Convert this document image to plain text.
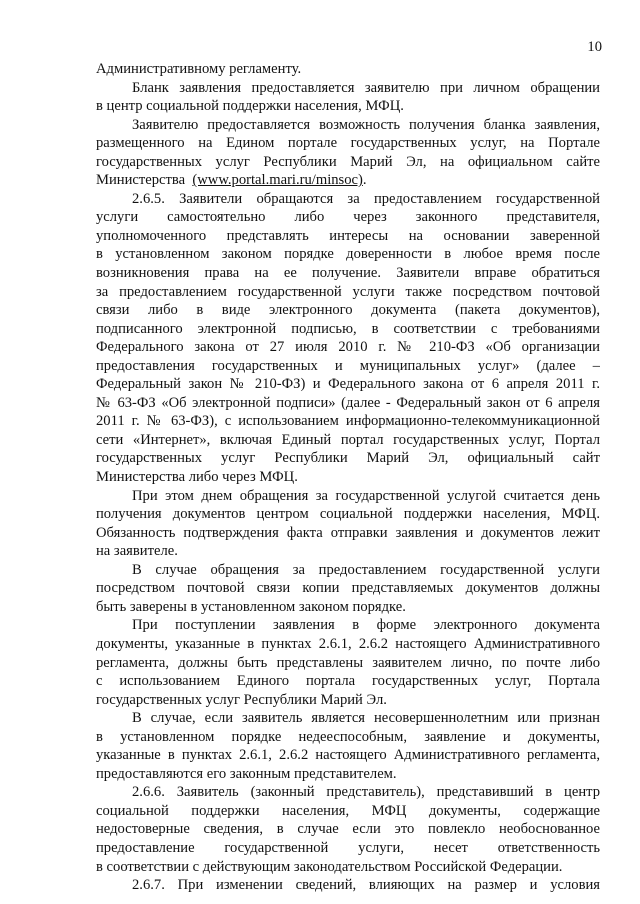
10
Административному регламенту.
Бланк заявления предоставляется заявителю при личном обращении
в центр социальной поддержки населения, МФЦ.
Заявителю предоставляется возможность получения бланка заявления,
размещенного на Едином портале государственных услуг, на Портале
государственных услуг Республики Марий Эл, на официальном сайте
Министерства (www.portal.mari.ru/minsoc).
2.6.5. Заявители обращаются за предоставлением государственной
услуги самостоятельно либо через законного представителя,
уполномоченного представлять интересы на основании заверенной
в установленном законом порядке доверенности в любое время после
возникновения права на ее получение. Заявители вправе обратиться
за предоставлением государственной услуги также посредством почтовой
связи либо в виде электронного документа (пакета документов),
подписанного электронной подписью, в соответствии с требованиями
Федерального закона от 27 июля 2010 г. № 210-ФЗ «Об организации
предоставления государственных и муниципальных услуг» (далее –
Федеральный закон № 210-ФЗ) и Федерального закона от 6 апреля 2011 г.
№ 63-ФЗ «Об электронной подписи» (далее - Федеральный закон от 6 апреля
2011 г. № 63-ФЗ), с использованием информационно-телекоммуникационной
сети «Интернет», включая Единый портал государственных услуг, Портал
государственных услуг Республики Марий Эл, официальный сайт
Министерства либо через МФЦ.
При этом днем обращения за государственной услугой считается день
получения документов центром социальной поддержки населения, МФЦ.
Обязанность подтверждения факта отправки заявления и документов лежит
на заявителе.
В случае обращения за предоставлением государственной услуги
посредством почтовой связи копии представляемых документов должны
быть заверены в установленном законом порядке.
При поступлении заявления в форме электронного документа
документы, указанные в пунктах 2.6.1, 2.6.2 настоящего Административного
регламента, должны быть представлены заявителем лично, по почте либо
с использованием Единого портала государственных услуг, Портала
государственных услуг Республики Марий Эл.
В случае, если заявитель является несовершеннолетним или признан
в установленном порядке недееспособным, заявление и документы,
указанные в пунктах 2.6.1, 2.6.2 настоящего Административного регламента,
предоставляются его законным представителем.
2.6.6. Заявитель (законный представитель), представивший в центр
социальной поддержки населения, МФЦ документы, содержащие
недостоверные сведения, в случае если это повлекло необоснованное
предоставление государственной услуги, несет ответственность
в соответствии с действующим законодательством Российской Федерации.
2.6.7. При изменении сведений, влияющих на размер и условия
